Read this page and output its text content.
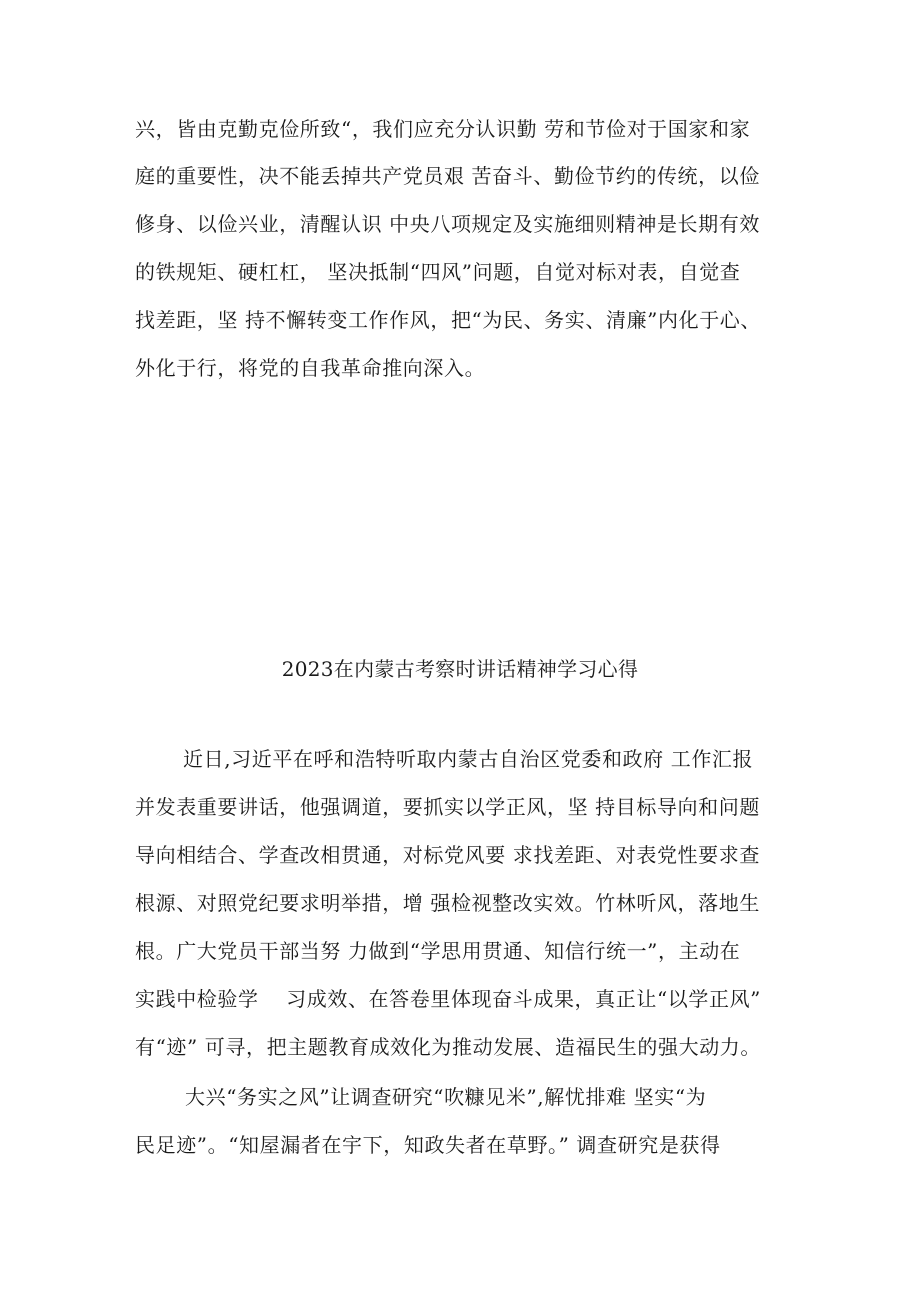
兴，皆由克勤克俭所致“，我们应充分认识勤 劳和节俭对于国家和家
庭的重要性，决不能丢掉共产党员艰 苦奋斗、勤俭节约的传统，以俭
修身、以俭兴业，清醒认识 中央八项规定及实施细则精神是长期有效
的铁规矩、硬杠杠， 坚决抵制“四风”问题，自觉对标对表，自觉查
找差距，坚 持不懈转变工作作风，把“为民、务实、清廉”内化于心、
外化于行，将党的自我革命推向深入。
2023在内蒙古考察时讲话精神学习心得
近日,习近平在呼和浩特听取内蒙古自治区党委和政府 工作汇报
并发表重要讲话，他强调道，要抓实以学正风，坚 持目标导向和问题
导向相结合、学查改相贯通，对标党风要 求找差距、对表党性要求查
根源、对照党纪要求明举措，增 强检视整改实效。竹林听风，落地生
根。广大党员干部当努 力做到“学思用贯通、知信行统一”，主动在
实践中检验学　 习成效、在答卷里体现奋斗成果，真正让“以学正风”
有“迹” 可寻，把主题教育成效化为推动发展、造福民生的强大动力。
大兴“务实之风”让调查研究“吹糠见米”,解忧排难 坚实“为
民足迹”。“知屋漏者在宇下，知政失者在草野。” 调查研究是获得
